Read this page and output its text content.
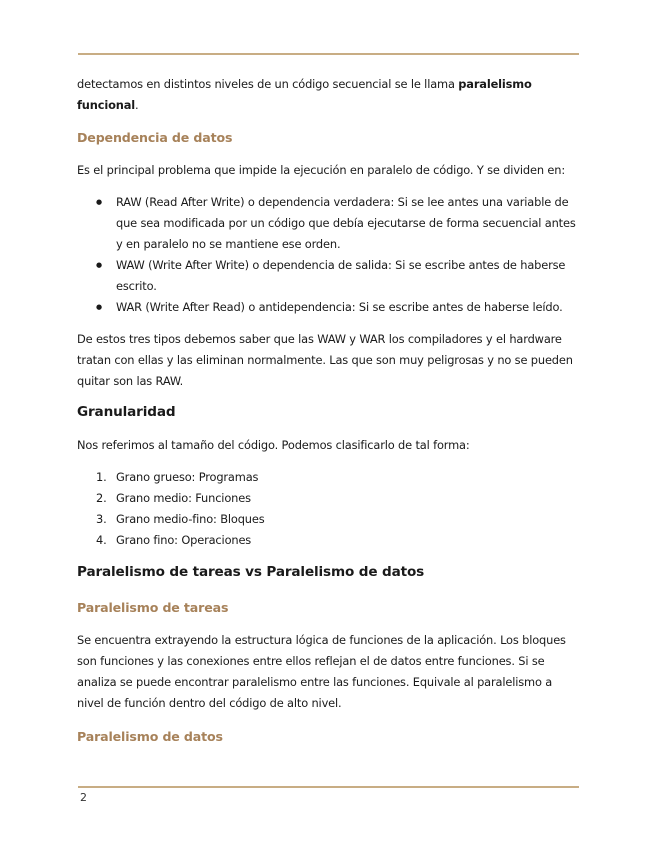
detectamos en distintos niveles de un código secuencial se le llama paralelismo funcional.

Dependencia de datos

Es el principal problema que impide la ejecución en paralelo de código. Y se dividen en:

● RAW (Read After Write) o dependencia verdadera: Si se lee antes una variable de que sea modificada por un código que debía ejecutarse de forma secuencial antes y en paralelo no se mantiene ese orden.
● WAW (Write After Write) o dependencia de salida: Si se escribe antes de haberse escrito.
● WAR (Write After Read) o antidependencia: Si se escribe antes de haberse leído.

De estos tres tipos debemos saber que las WAW y WAR los compiladores y el hardware tratan con ellas y las eliminan normalmente. Las que son muy peligrosas y no se pueden quitar son las RAW.

Granularidad

Nos referimos al tamaño del código. Podemos clasificarlo de tal forma:

1. Grano grueso: Programas
2. Grano medio: Funciones
3. Grano medio-fino: Bloques
4. Grano fino: Operaciones
Paralelismo de tareas vs Paralelismo de datos
Paralelismo de tareas

Se encuentra extrayendo la estructura lógica de funciones de la aplicación. Los bloques son funciones y las conexiones entre ellos reflejan el de datos entre funciones. Si se analiza se puede encontrar paralelismo entre las funciones. Equivale al paralelismo a nivel de función dentro del código de alto nivel.

Paralelismo de datos
2
